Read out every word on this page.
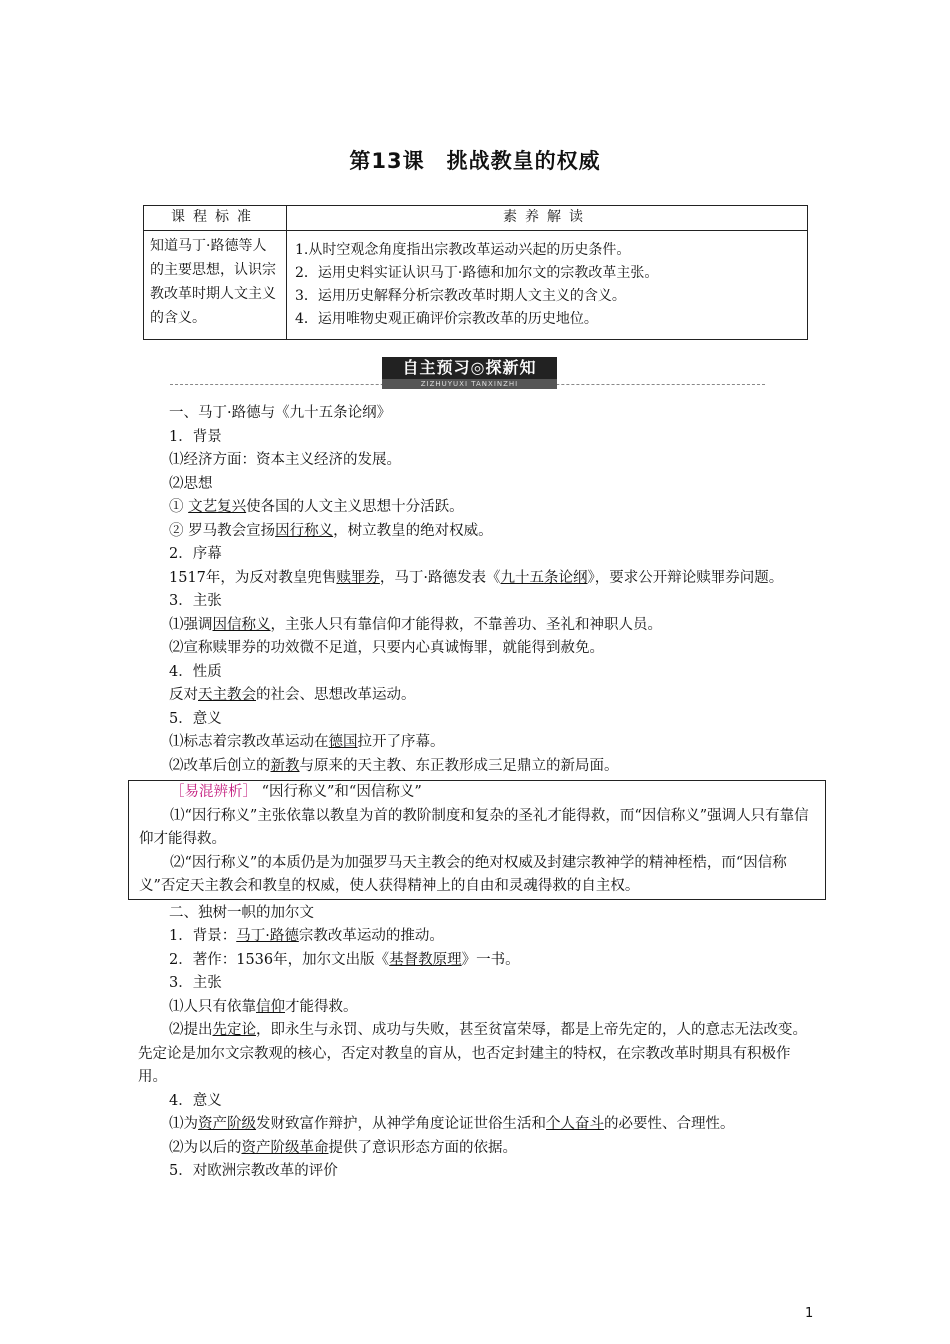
第13课　挑战教皇的权威
课程标准	素养解读
知道马丁·路德等人的主要思想，认识宗教改革时期人文主义的含义。	1.从时空观念角度指出宗教改革运动兴起的历史条件。
2．运用史料实证认识马丁·路德和加尔文的宗教改革主张。
3．运用历史解释分析宗教改革时期人文主义的含义。
4．运用唯物史观正确评价宗教改革的历史地位。
自主预习◎探新知
ZIZHUYUXI TANXINZHI
一、马丁·路德与《九十五条论纲》
1．背景
⑴经济方面：资本主义经济的发展。
⑵思想
① 文艺复兴使各国的人文主义思想十分活跃。
② 罗马教会宣扬因行称义，树立教皇的绝对权威。
2．序幕
1517年，为反对教皇兜售赎罪券，马丁·路德发表《九十五条论纲》，要求公开辩论赎罪券问题。
3．主张
⑴强调因信称义，主张人只有靠信仰才能得救，不靠善功、圣礼和神职人员。
⑵宣称赎罪券的功效微不足道，只要内心真诚悔罪，就能得到赦免。
4．性质
反对天主教会的社会、思想改革运动。
5．意义
⑴标志着宗教改革运动在德国拉开了序幕。
⑵改革后创立的新教与原来的天主教、东正教形成三足鼎立的新局面。
［易混辨析］ “因行称义”和“因信称义”
⑴“因行称义”主张依靠以教皇为首的教阶制度和复杂的圣礼才能得救，而“因信称义”强调人只有靠信仰才能得救。
⑵“因行称义”的本质仍是为加强罗马天主教会的绝对权威及封建宗教神学的精神桎梏，而“因信称义”否定天主教会和教皇的权威，使人获得精神上的自由和灵魂得救的自主权。
二、独树一帜的加尔文
1．背景：马丁·路德宗教改革运动的推动。
2．著作：1536年，加尔文出版《基督教原理》一书。
3．主张
⑴人只有依靠信仰才能得救。
⑵提出先定论，即永生与永罚、成功与失败，甚至贫富荣辱，都是上帝先定的，人的意志无法改变。先定论是加尔文宗教观的核心，否定对教皇的盲从，也否定封建主的特权，在宗教改革时期具有积极作用。
4．意义
⑴为资产阶级发财致富作辩护，从神学角度论证世俗生活和个人奋斗的必要性、合理性。
⑵为以后的资产阶级革命提供了意识形态方面的依据。
5．对欧洲宗教改革的评价
1
